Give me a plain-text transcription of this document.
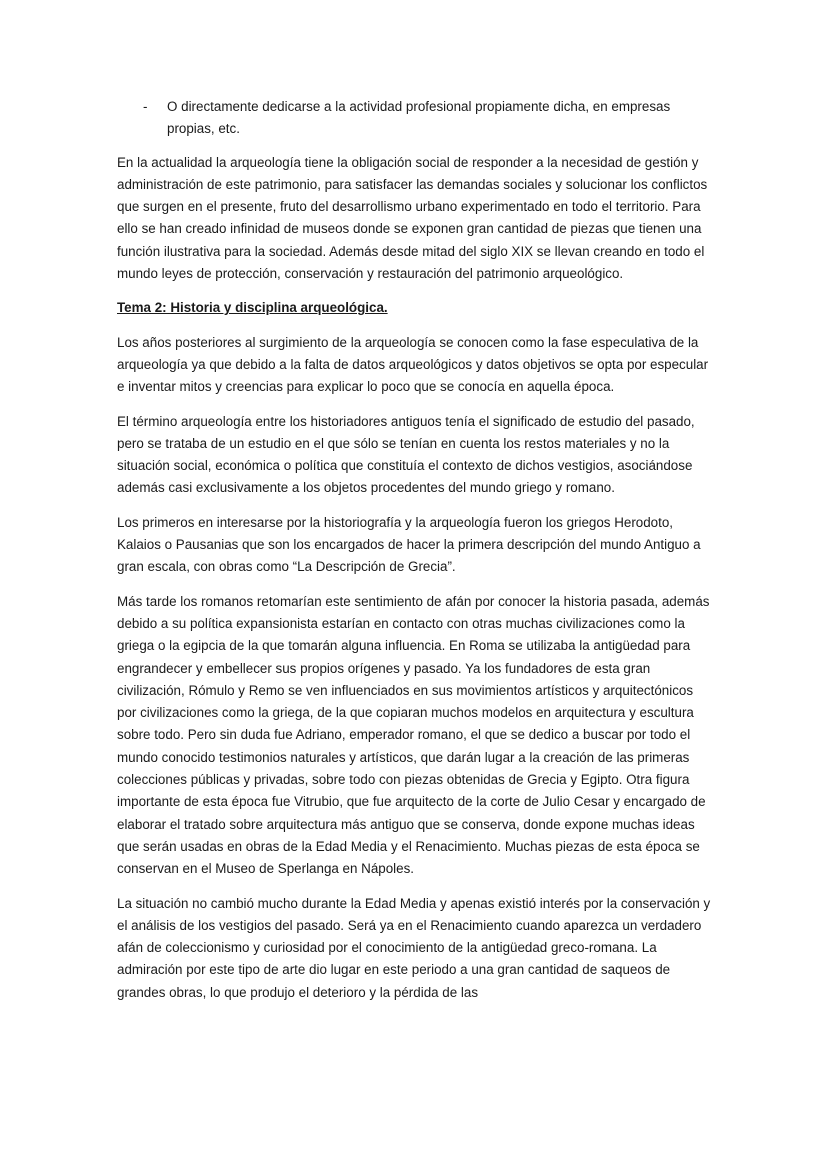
-	O directamente dedicarse a la actividad profesional propiamente dicha, en empresas propias, etc.

En la actualidad la arqueología tiene la obligación social de responder a la necesidad de gestión y administración de este patrimonio, para satisfacer las demandas sociales y solucionar los conflictos que surgen en el presente, fruto del desarrollismo urbano experimentado en todo el territorio. Para ello se han creado infinidad de museos donde se exponen gran cantidad de piezas que tienen una función ilustrativa para la sociedad. Además desde mitad del siglo XIX se llevan creando en todo el mundo leyes de protección, conservación y restauración del patrimonio arqueológico.

Tema 2: Historia y disciplina arqueológica.

Los años posteriores al surgimiento de la arqueología se conocen como la fase especulativa de la arqueología ya que debido a la falta de datos arqueológicos y datos objetivos se opta por especular e inventar mitos y creencias para explicar lo poco que se conocía en aquella época.

El término arqueología entre los historiadores antiguos tenía el significado de estudio del pasado, pero se trataba de un estudio en el que sólo se tenían en cuenta los restos materiales y no la situación social, económica o política que constituía el contexto de dichos vestigios, asociándose además casi exclusivamente a los objetos procedentes del mundo griego y romano.

Los primeros en interesarse por la historiografía y la arqueología fueron los griegos Herodoto, Kalaios o Pausanias que son los encargados de hacer la primera descripción del mundo Antiguo a gran escala, con obras como “La Descripción de Grecia”.

Más tarde los romanos retomarían este sentimiento de afán por conocer la historia pasada, además debido a su política expansionista estarían en contacto con otras muchas civilizaciones como la griega o la egipcia de la que tomarán alguna influencia. En Roma se utilizaba la antigüedad para engrandecer y embellecer sus propios orígenes y pasado. Ya los fundadores de esta gran civilización, Rómulo y Remo se ven influenciados en sus movimientos artísticos y arquitectónicos por civilizaciones como la griega, de la que copiaran muchos modelos en arquitectura y escultura sobre todo. Pero sin duda fue Adriano, emperador romano, el que se dedico a buscar por todo el mundo conocido testimonios naturales y artísticos, que darán lugar a la creación de las primeras colecciones públicas y privadas, sobre todo con piezas obtenidas de Grecia y Egipto. Otra figura importante de esta época fue Vitrubio, que fue arquitecto de la corte de Julio Cesar y encargado de elaborar el tratado sobre arquitectura más antiguo que se conserva, donde expone muchas ideas que serán usadas en obras de la Edad Media y el Renacimiento. Muchas piezas de esta época se conservan en el Museo de Sperlanga en Nápoles.

La situación no cambió mucho durante la Edad Media y apenas existió interés por la conservación y el análisis de los vestigios del pasado. Será ya en el Renacimiento cuando aparezca un verdadero afán de coleccionismo y curiosidad por el conocimiento de la antigüedad greco-romana. La admiración por este tipo de arte dio lugar en este periodo a una gran cantidad de saqueos de grandes obras, lo que produjo el deterioro y la pérdida de las
